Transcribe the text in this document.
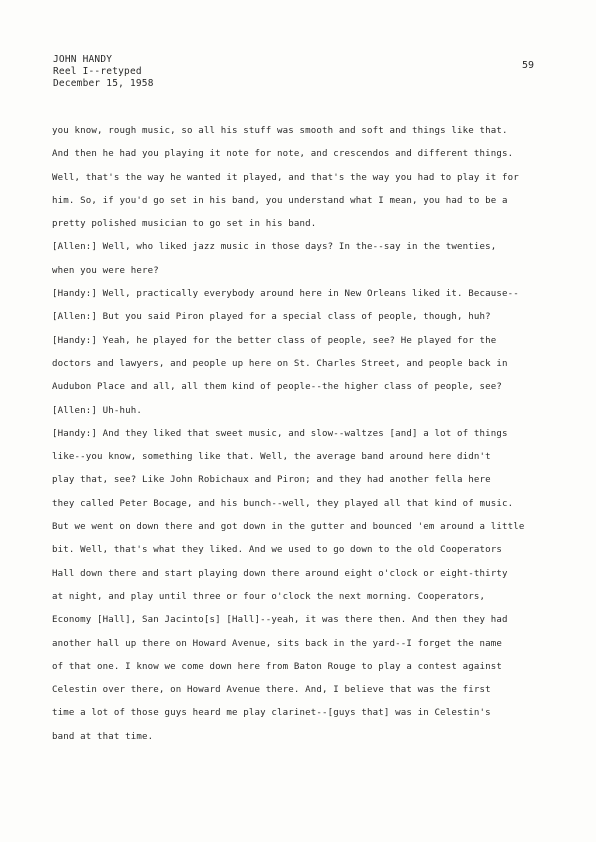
JOHN HANDY
Reel I--retyped
December 15, 1958
59
you know, rough music, so all his stuff was smooth and soft and things like that.
And then he had you playing it note for note, and crescendos and different things.
Well, that's the way he wanted it played, and that's the way you had to play it for
him. So, if you'd go set in his band, you understand what I mean, you had to be a
pretty polished musician to go set in his band.
[Allen:] Well, who liked jazz music in those days? In the--say in the twenties,
when you were here?
[Handy:] Well, practically everybody around here in New Orleans liked it. Because--
[Allen:] But you said Piron played for a special class of people, though, huh?
[Handy:] Yeah, he played for the better class of people, see? He played for the
doctors and lawyers, and people up here on St. Charles Street, and people back in
Audubon Place and all, all them kind of people--the higher class of people, see?
[Allen:] Uh-huh.
[Handy:] And they liked that sweet music, and slow--waltzes [and] a lot of things
like--you know, something like that. Well, the average band around here didn't
play that, see? Like John Robichaux and Piron; and they had another fella here
they called Peter Bocage, and his bunch--well, they played all that kind of music.
But we went on down there and got down in the gutter and bounced 'em around a little
bit. Well, that's what they liked. And we used to go down to the old Cooperators
Hall down there and start playing down there around eight o'clock or eight-thirty
at night, and play until three or four o'clock the next morning. Cooperators,
Economy [Hall], San Jacinto[s] [Hall]--yeah, it was there then. And then they had
another hall up there on Howard Avenue, sits back in the yard--I forget the name
of that one. I know we come down here from Baton Rouge to play a contest against
Celestin over there, on Howard Avenue there. And, I believe that was the first
time a lot of those guys heard me play clarinet--[guys that] was in Celestin's
band at that time.
